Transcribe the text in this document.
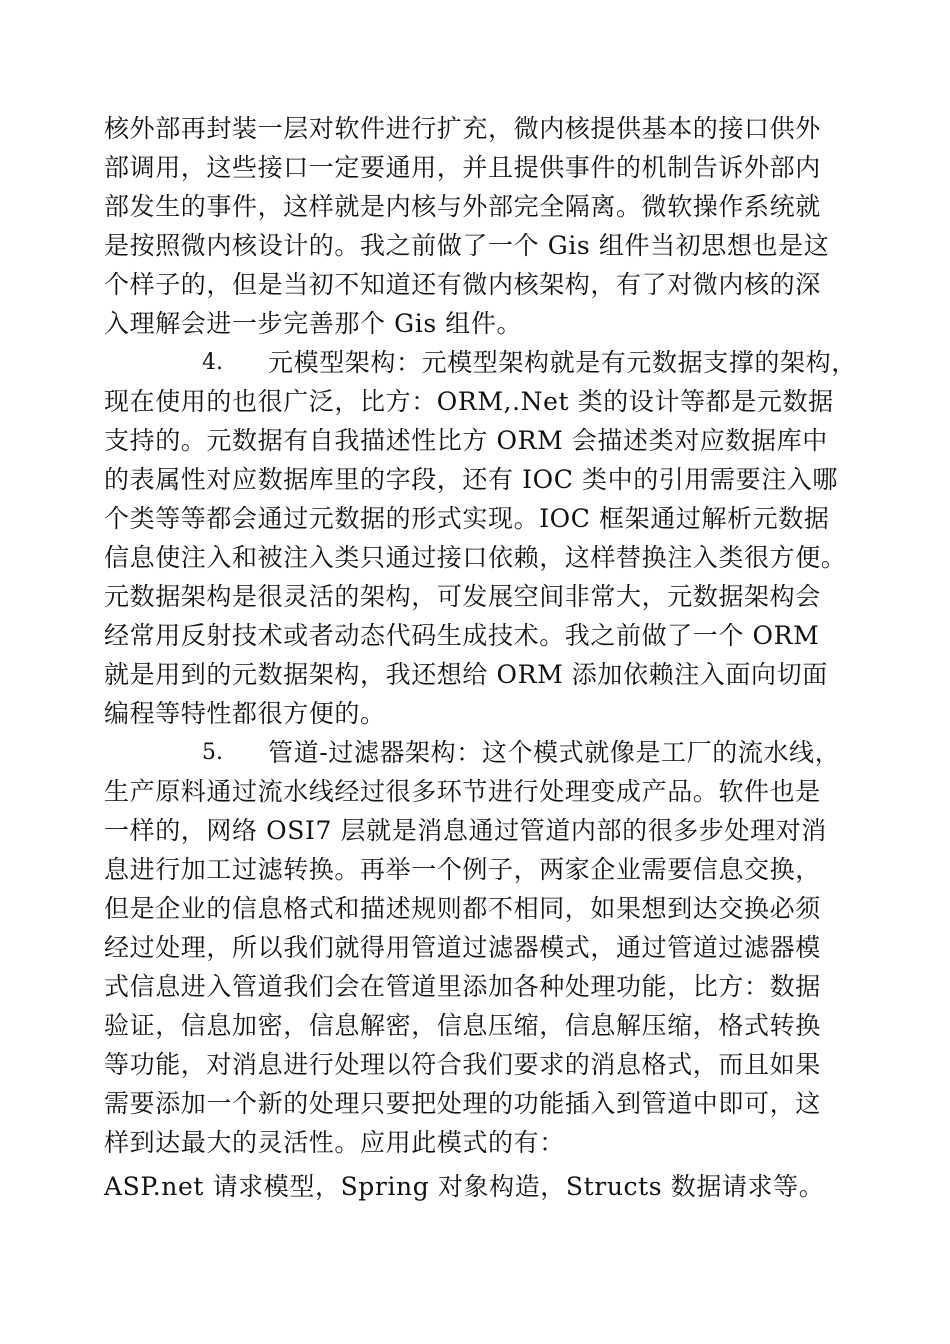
核外部再封装一层对软件进行扩充，微内核提供基本的接口供外
部调用，这些接口一定要通用，并且提供事件的机制告诉外部内
部发生的事件，这样就是内核与外部完全隔离。微软操作系统就
是按照微内核设计的。我之前做了一个 Gis 组件当初思想也是这
个样子的，但是当初不知道还有微内核架构，有了对微内核的深
入理解会进一步完善那个 Gis 组件。
4. 元模型架构：元模型架构就是有元数据支撑的架构，
现在使用的也很广泛，比方：ORM,.Net 类的设计等都是元数据
支持的。元数据有自我描述性比方 ORM 会描述类对应数据库中
的表属性对应数据库里的字段，还有 IOC 类中的引用需要注入哪
个类等等都会通过元数据的形式实现。IOC 框架通过解析元数据
信息使注入和被注入类只通过接口依赖，这样替换注入类很方便。
元数据架构是很灵活的架构，可发展空间非常大，元数据架构会
经常用反射技术或者动态代码生成技术。我之前做了一个 ORM
就是用到的元数据架构，我还想给 ORM 添加依赖注入面向切面
编程等特性都很方便的。
5. 管道-过滤器架构：这个模式就像是工厂的流水线，
生产原料通过流水线经过很多环节进行处理变成产品。软件也是
一样的，网络 OSI7 层就是消息通过管道内部的很多步处理对消
息进行加工过滤转换。再举一个例子，两家企业需要信息交换，
但是企业的信息格式和描述规则都不相同，如果想到达交换必须
经过处理，所以我们就得用管道过滤器模式，通过管道过滤器模
式信息进入管道我们会在管道里添加各种处理功能，比方：数据
验证，信息加密，信息解密，信息压缩，信息解压缩，格式转换
等功能，对消息进行处理以符合我们要求的消息格式，而且如果
需要添加一个新的处理只要把处理的功能插入到管道中即可，这
样到达最大的灵活性。应用此模式的有：
ASP.net 请求模型，Spring 对象构造，Structs 数据请求等。
